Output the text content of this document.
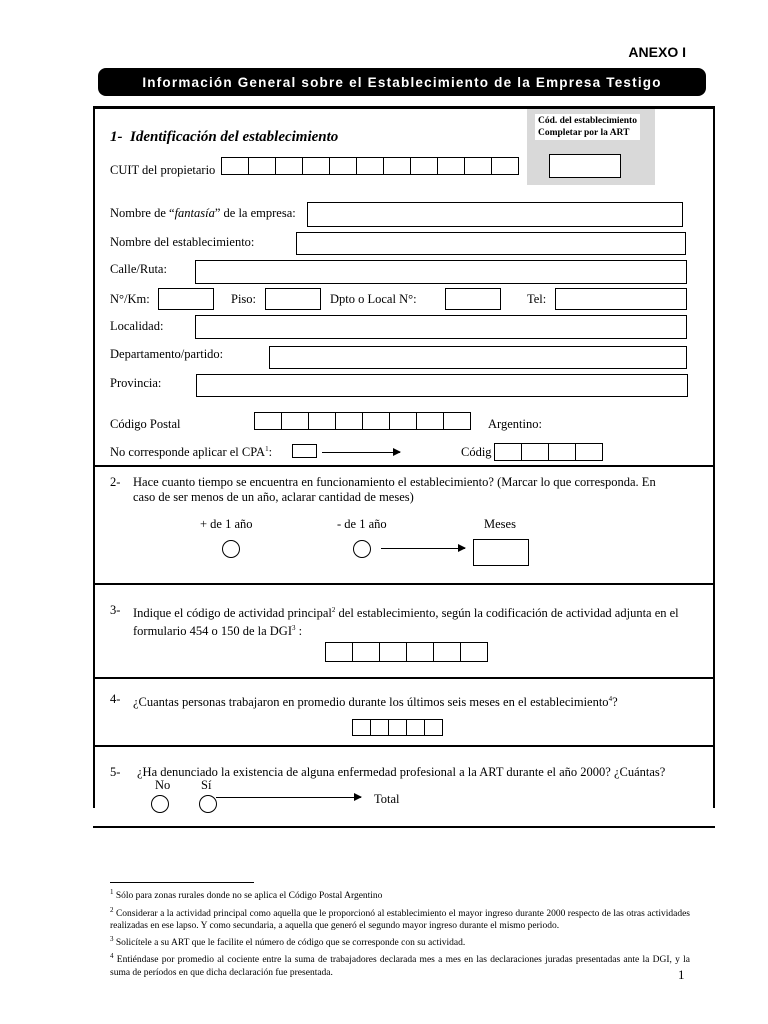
ANEXO I
Información General sobre el Establecimiento de la Empresa Testigo
Cód. del establecimiento
Completar por la ART
1- Identificación del establecimiento
CUIT del propietario
Nombre de “fantasía” de la empresa:
Nombre del establecimiento:
Calle/Ruta:
N°/Km:	Piso:	Dpto o Local N°:	Tel:
Localidad:
Departamento/partido:
Provincia:
Código Postal	Argentino:
No corresponde aplicar el CPA$^1$:	Códig
2- Hace cuanto tiempo se encuentra en funcionamiento el establecimiento? (Marcar lo que corresponda. En caso de ser menos de un año, aclarar cantidad de meses)
+ de 1 año	- de 1 año	Meses
3- Indique el código de actividad principal$^2$ del establecimiento, según la codificación de actividad adjunta en el formulario 454 o 150 de la DGI$^3$ :
4- ¿Cuantas personas trabajaron en promedio durante los últimos seis meses en el establecimiento$^4$?
5- ¿Ha denunciado la existencia de alguna enfermedad profesional a la ART durante el año 2000? ¿Cuántas?
No Sí
Total
$^1$ Sólo para zonas rurales donde no se aplica el Código Postal Argentino
$^2$ Considerar a la actividad principal como aquella que le proporcionó al establecimiento el mayor ingreso durante 2000 respecto de las otras actividades realizadas en ese lapso. Y como secundaria, a aquella que generó el segundo mayor ingreso durante el mismo periodo.
$^3$ Solicítele a su ART que le facilite el número de código que se corresponde con su actividad.
$^4$ Entiéndase por promedio al cociente entre la suma de trabajadores declarada mes a mes en las declaraciones juradas presentadas ante la DGI, y la suma de períodos en que dicha declaración fue presentada.	1
